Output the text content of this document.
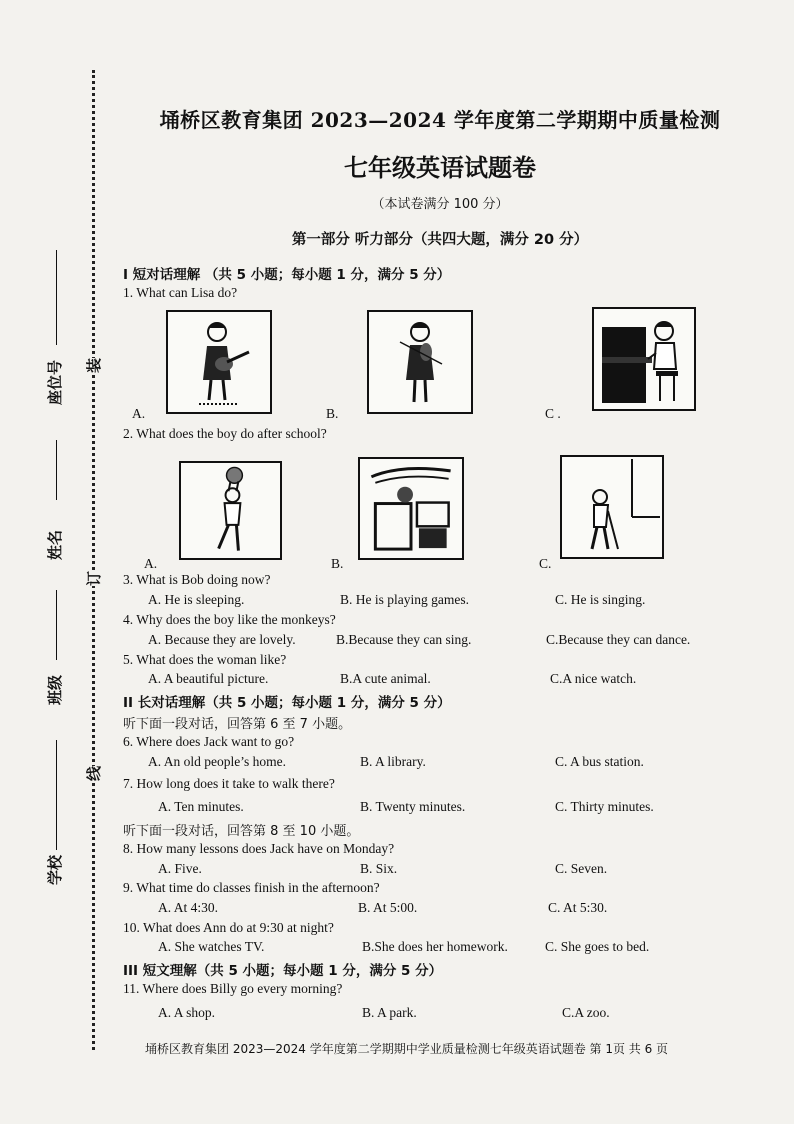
座位号
姓名
班级
学校
装
订
线
埇桥区教育集团 2023—2024 学年度第二学期期中质量检测
七年级英语试题卷
（本试卷满分 100 分）
第一部分 听力部分（共四大题，满分 20 分）
I 短对话理解 （共 5 小题；每小题 1 分，满分 5 分）
1. What can Lisa do?
A.	B.	C .
2. What does the boy do after school?
A.	B.	C.
3. What is Bob doing now?
A. He is sleeping.	B. He is playing games.	C. He is singing.
4. Why does the boy like the monkeys?
A. Because they are lovely.	B.Because they can sing.	C.Because they can dance.
5. What does the woman like?
A. A beautiful picture.	B.A cute animal.	C.A nice watch.
II 长对话理解（共 5 小题；每小题 1 分，满分 5 分）
听下面一段对话，回答第 6 至 7 小题。
6. Where does Jack want to go?
A. An old people’s home.	B. A library.	C. A bus station.
7. How long does it take to walk there?
A. Ten minutes.	B. Twenty minutes.	C. Thirty minutes.
听下面一段对话，回答第 8 至 10 小题。
8. How many lessons does Jack have on Monday?
A. Five.	B. Six.	C. Seven.
9. What time do classes finish in the afternoon?
A. At 4:30.	B. At 5:00.	C. At 5:30.
10. What does Ann do at 9:30 at night?
A. She watches TV.	B.She does her homework.	C. She goes to bed.
III 短文理解（共 5 小题；每小题 1 分，满分 5 分）
11. Where does Billy go every morning?
A. A shop.	B. A park.	C.A zoo.
埇桥区教育集团 2023—2024 学年度第二学期期中学业质量检测七年级英语试题卷 第 1页 共 6 页
